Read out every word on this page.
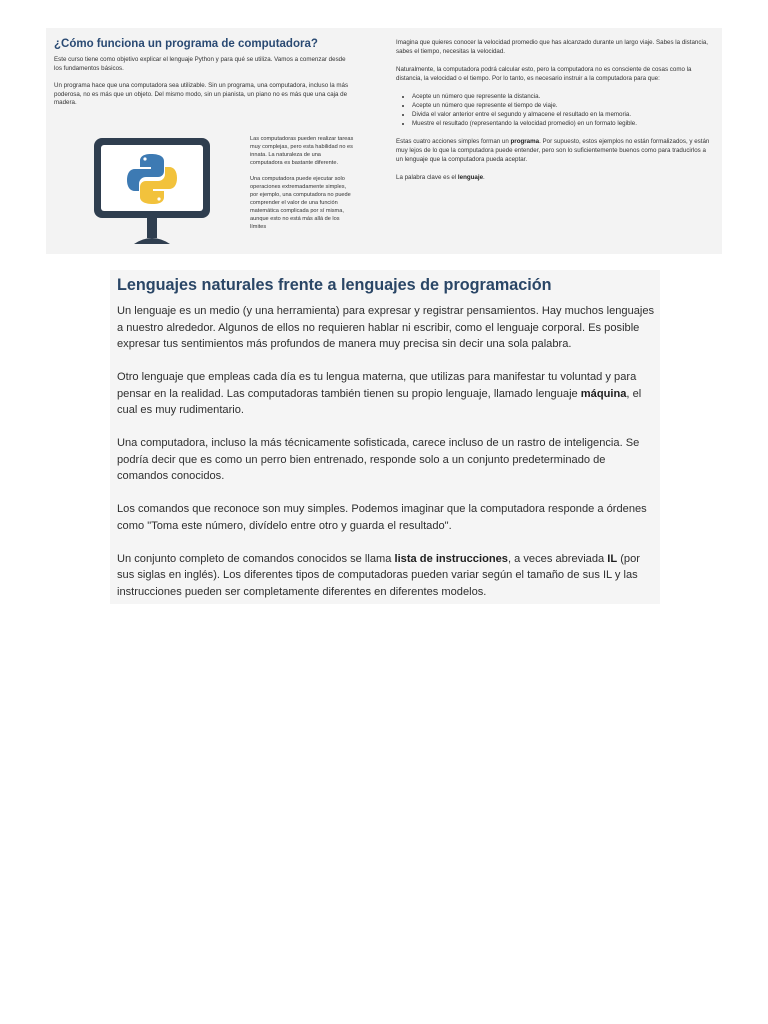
¿Cómo funciona un programa de computadora?

Este curso tiene como objetivo explicar el lenguaje Python y para qué se utiliza. Vamos a comenzar desde los fundamentos básicos.

Un programa hace que una computadora sea utilizable. Sin un programa, una computadora, incluso la más poderosa, no es más que un objeto. Del mismo modo, sin un pianista, un piano no es más que una caja de madera.

Las computadoras pueden realizar tareas muy complejas, pero esta habilidad no es innata. La naturaleza de una computadora es bastante diferente.

Una computadora puede ejecutar solo operaciones extremadamente simples, por ejemplo, una computadora no puede comprender el valor de una función matemática complicada por sí misma, aunque esto no está más allá de los límites

Imagina que quieres conocer la velocidad promedio que has alcanzado durante un largo viaje. Sabes la distancia, sabes el tiempo, necesitas la velocidad.

Naturalmente, la computadora podrá calcular esto, pero la computadora no es consciente de cosas como la distancia, la velocidad o el tiempo. Por lo tanto, es necesario instruir a la computadora para que:

• Acepte un número que represente la distancia.
• Acepte un número que represente el tiempo de viaje.
• Divida el valor anterior entre el segundo y almacene el resultado en la memoria.
• Muestre el resultado (representando la velocidad promedio) en un formato legible.

Estas cuatro acciones simples forman un programa. Por supuesto, estos ejemplos no están formalizados, y están muy lejos de lo que la computadora puede entender, pero son lo suficientemente buenos como para traducirlos a un lenguaje que la computadora pueda aceptar.

La palabra clave es el lenguaje.

Lenguajes naturales frente a lenguajes de programación

Un lenguaje es un medio (y una herramienta) para expresar y registrar pensamientos. Hay muchos lenguajes a nuestro alrededor. Algunos de ellos no requieren hablar ni escribir, como el lenguaje corporal. Es posible expresar tus sentimientos más profundos de manera muy precisa sin decir una sola palabra.

Otro lenguaje que empleas cada día es tu lengua materna, que utilizas para manifestar tu voluntad y para pensar en la realidad. Las computadoras también tienen su propio lenguaje, llamado lenguaje máquina, el cual es muy rudimentario.

Una computadora, incluso la más técnicamente sofisticada, carece incluso de un rastro de inteligencia. Se podría decir que es como un perro bien entrenado, responde solo a un conjunto predeterminado de comandos conocidos.

Los comandos que reconoce son muy simples. Podemos imaginar que la computadora responde a órdenes como "Toma este número, divídelo entre otro y guarda el resultado".

Un conjunto completo de comandos conocidos se llama lista de instrucciones, a veces abreviada IL (por sus siglas en inglés). Los diferentes tipos de computadoras pueden variar según el tamaño de sus IL y las instrucciones pueden ser completamente diferentes en diferentes modelos.
